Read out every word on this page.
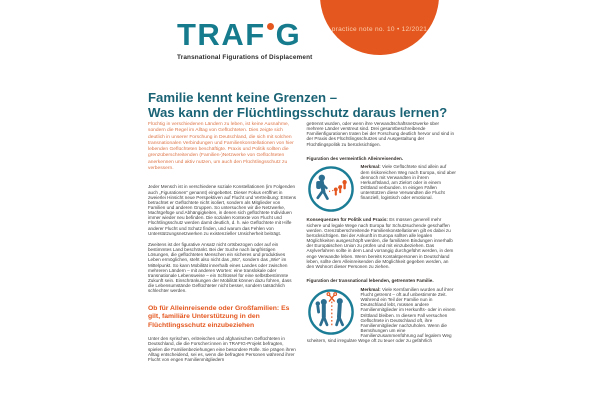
practice note no. 10 • 12/2021
TRAF G
Transnational Figurations of Displacement
Familie kennt keine Grenzen –
Was kann der Flüchtlingsschutz daraus lernen?

Flüchtig in verschiedenen Ländern zu leben, ist keine Ausnahme, sondern die Regel im Alltag von Geflüchteten. Dies zeigte sich deutlich in unserer Forschung in Deutschland, die sich mit solchen transnationalen Verbindungen und Familienkonstellationen von hier lebenden Geflüchteten beschäftigte. Praxis und Politik sollten die grenzüberschreitenden (Familien-)Netzwerke von Geflüchteten anerkennen und aktiv nutzen, um auch den Flüchtlingsschutz zu verbessern.

Jeder Mensch ist in verschiedene soziale Konstellationen (im Folgenden auch „Figurationen“ genannt) eingebettet. Dieser Fokus eröffnet in zweierlei Hinsicht neue Perspektiven auf Flucht und Vertreibung: Erstens betrachtet er Geflüchtete nicht isoliert, sondern als Mitglieder von Familien und anderen Gruppen. So untersuchen wir die Netzwerke, Machtgefüge und Abhängigkeiten, in denen sich geflüchtete Individuen immer wieder neu befinden. Die sozialen Kontexte von Flucht und Flüchtlingsschutz werden damit deutlich, d. h. wie Geflüchtete mit Hilfe anderer Flucht und Schutz finden, und warum das Fehlen von Unterstützungsnetzwerken zu existenzieller Unsicherheit beiträgt.

Zweitens ist der figurative Ansatz nicht ortsbezogen oder auf ein bestimmtes Land beschränkt. Bei der Suche nach langfristigen Lösungen, die geflüchteten Menschen ein sicheres und produktives Leben ermöglichen, steht also nicht das „Wo“, sondern das „Wie“ im Mittelpunkt. So kann Mobilität innerhalb eines Landes oder zwischen mehreren Ländern – mit anderen Worten: eine translokale oder transnationale Lebensweise – ein Schlüssel für eine selbstbestimmte Zukunft sein. Einschränkungen der Mobilität können dazu führen, dass die Lebensumstände Geflüchteter nicht besser, sondern tatsächlich schlechter werden.

Ob für Alleinreisende oder Großfamilien: Es gilt, familiäre Unterstützung in den Flüchtlingsschutz einzubeziehen

Unter den syrischen, eritreischen und afghanischen Geflüchteten in Deutschland, die die Forscher:innen im TRAFIG-Projekt befragten, spielen die Familienbeziehungen eine besondere Rolle. Sie prägen ihren Alltag entscheidend, sei es, wenn die befragten Personen während ihrer Flucht von engen Familienmitgliedern

getrennt wurden, oder wenn ihre Verwandtschaftsnetzwerke über mehrere Länder verstreut sind. Drei gesamtbeschreibende Familienfigurationen traten bei der Forschung deutlich hervor und sind in der Praxis des Flüchtlingsschutzes und Ausgestaltung der Flüchtlingspolitik zu berücksichtigen.

Figuration des vermeintlich Alleinreisenden.

Merkmal: Viele Geflüchtete sind allein auf dem risikoreichen Weg nach Europa, sind aber dennoch mit Verwandten in ihrem Herkunftsland, am Zielort oder in einem Drittland verbunden. In einigen Fällen unterstützen diese Verwandten die Flucht finanziell, logistisch oder emotional.

Konsequenzen für Politik und Praxis: Es müssen generell mehr sichere und legale Wege nach Europa für Schutzsuchende geschaffen werden. Grenzüberschreitende Familienkonstellationen gilt es dabei zu berücksichtigen. Bei der Ankunft in Europa sollten alle legalen Möglichkeiten ausgeschöpft werden, die familiären Bindungen innerhalb der Europäischen Union zu prüfen und mit einzubeziehen. Das Asylverfahren sollte in dem Land vorrangig durchgeführt werden, in dem enge Verwandte leben. Wenn bereits Kontaktpersonen in Deutschland leben, sollte dem Alleinreisenden die Möglichkeit gegeben werden, an den Wohnort dieser Personen zu ziehen.

Figuration der transnational lebenden, getrennten Familie.

Merkmal: Viele Kernfamilien wurden auf ihrer Flucht getrennt – oft auf unbestimmte Zeit. Während ein Teil der Familie nun in Deutschland lebt, müssen andere Familienmitglieder im Herkunfts- oder in einem Drittland bleiben. In diesem Fall versuchen Geflüchtete in Deutschland oft, ihre Familienmitglieder nachzuholen. Wenn die Bemühungen um eine Familienzusammenführung auf legalem Weg scheitern, sind irreguläre Wege oft zu teuer oder zu gefährlich
